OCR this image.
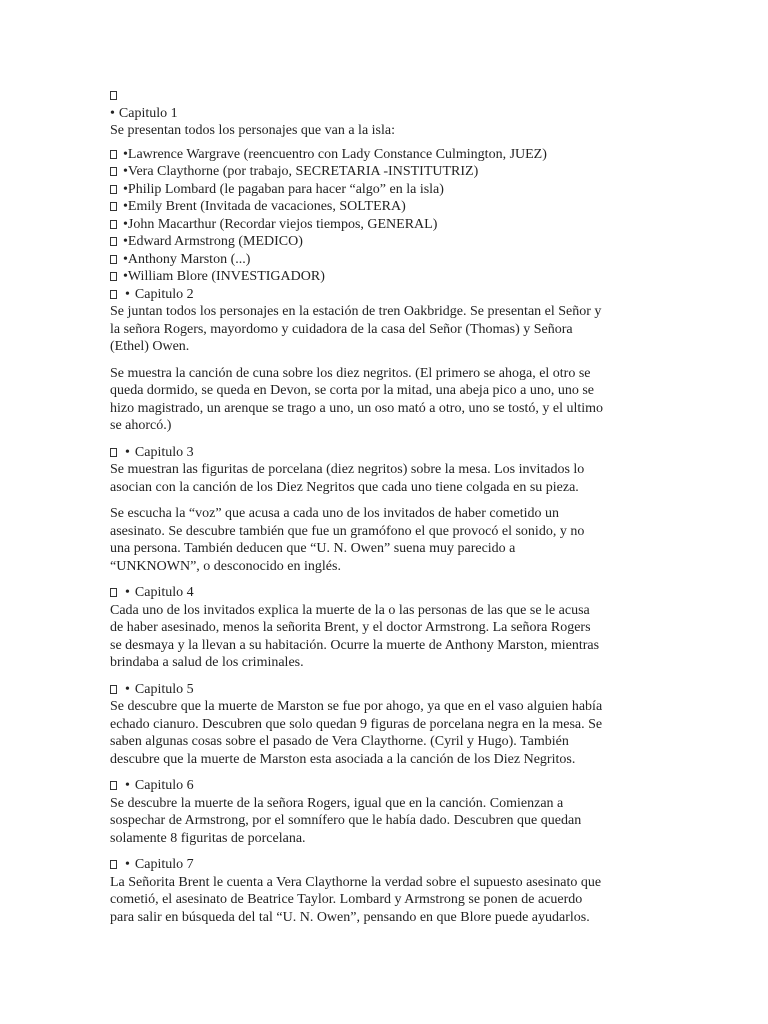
• Capitulo 1
Se presentan todos los personajes que van a la isla:
•Lawrence Wargrave (reencuentro con Lady Constance Culmington, JUEZ)
•Vera Claythorne (por trabajo, SECRETARIA -INSTITUTRIZ)
•Philip Lombard (le pagaban para hacer “algo” en la isla)
•Emily Brent (Invitada de vacaciones, SOLTERA)
•John Macarthur (Recordar viejos tiempos, GENERAL)
•Edward Armstrong (MEDICO)
•Anthony Marston (...)
•William Blore (INVESTIGADOR)
• Capitulo 2
Se juntan todos los personajes en la estación de tren Oakbridge. Se presentan el Señor y
la señora Rogers, mayordomo y cuidadora de la casa del Señor (Thomas) y Señora
(Ethel) Owen.
Se muestra la canción de cuna sobre los diez negritos. (El primero se ahoga, el otro se
queda dormido, se queda en Devon, se corta por la mitad, una abeja pico a uno, uno se
hizo magistrado, un arenque se trago a uno, un oso mató a otro, uno se tostó, y el ultimo
se ahorcó.)
• Capitulo 3
Se muestran las figuritas de porcelana (diez negritos) sobre la mesa. Los invitados lo
asocian con la canción de los Diez Negritos que cada uno tiene colgada en su pieza.
Se escucha la “voz” que acusa a cada uno de los invitados de haber cometido un
asesinato. Se descubre también que fue un gramófono el que provocó el sonido, y no
una persona. También deducen que “U. N. Owen” suena muy parecido a
“UNKNOWN”, o desconocido en inglés.
• Capitulo 4
Cada uno de los invitados explica la muerte de la o las personas de las que se le acusa
de haber asesinado, menos la señorita Brent, y el doctor Armstrong. La señora Rogers
se desmaya y la llevan a su habitación. Ocurre la muerte de Anthony Marston, mientras
brindaba a salud de los criminales.
• Capitulo 5
Se descubre que la muerte de Marston se fue por ahogo, ya que en el vaso alguien había
echado cianuro. Descubren que solo quedan 9 figuras de porcelana negra en la mesa. Se
saben algunas cosas sobre el pasado de Vera Claythorne. (Cyril y Hugo). También
descubre que la muerte de Marston esta asociada a la canción de los Diez Negritos.
• Capitulo 6
Se descubre la muerte de la señora Rogers, igual que en la canción. Comienzan a
sospechar de Armstrong, por el somnífero que le había dado. Descubren que quedan
solamente 8 figuritas de porcelana.
• Capitulo 7
La Señorita Brent le cuenta a Vera Claythorne la verdad sobre el supuesto asesinato que
cometió, el asesinato de Beatrice Taylor. Lombard y Armstrong se ponen de acuerdo
para salir en búsqueda del tal “U. N. Owen”, pensando en que Blore puede ayudarlos.
